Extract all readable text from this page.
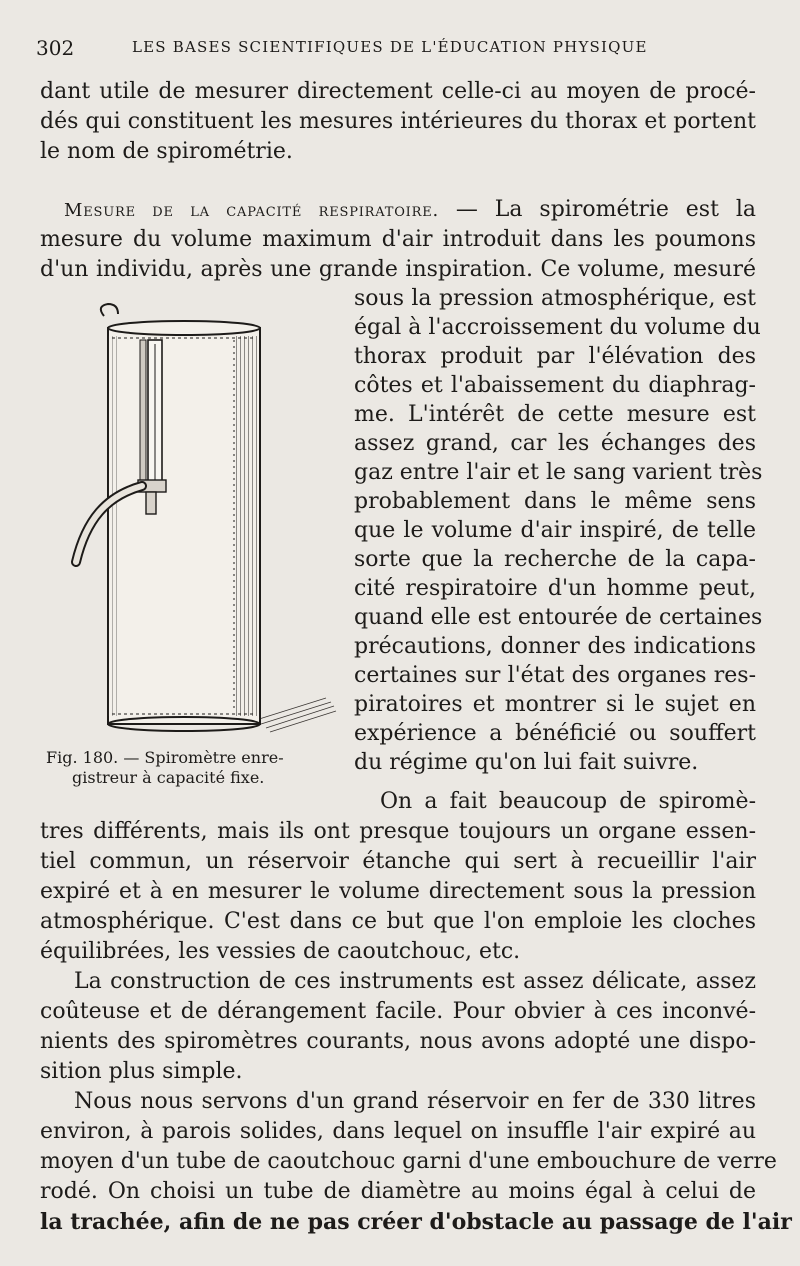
302	LES BASES SCIENTIFIQUES DE L'ÉDUCATION PHYSIQUE
dant utile de mesurer directement celle-ci au moyen de procé-
dés qui constituent les mesures intérieures du thorax et portent
le nom de spirométrie.
Mesure de la capacité respiratoire. — La spirométrie est la
mesure du volume maximum d'air introduit dans les poumons
d'un individu, après une grande inspiration. Ce volume, mesuré
sous la pression atmosphérique, est
égal à l'accroissement du volume du
thorax produit par l'élévation des
côtes et l'abaissement du diaphrag-
me. L'intérêt de cette mesure est
assez grand, car les échanges des
gaz entre l'air et le sang varient très
probablement dans le même sens
que le volume d'air inspiré, de telle
sorte que la recherche de la capa-
cité respiratoire d'un homme peut,
quand elle est entourée de certaines
précautions, donner des indications
certaines sur l'état des organes res-
piratoires et montrer si le sujet en
expérience a bénéficié ou souffert
du régime qu'on lui fait suivre.
Fig. 180. — Spiromètre enre-
gistreur à capacité fixe.
On a fait beaucoup de spiromè-
tres différents, mais ils ont presque toujours un organe essen-
tiel commun, un réservoir étanche qui sert à recueillir l'air
expiré et à en mesurer le volume directement sous la pression
atmosphérique. C'est dans ce but que l'on emploie les cloches
équilibrées, les vessies de caoutchouc, etc.
La construction de ces instruments est assez délicate, assez
coûteuse et de dérangement facile. Pour obvier à ces inconvé-
nients des spiromètres courants, nous avons adopté une dispo-
sition plus simple.
Nous nous servons d'un grand réservoir en fer de 330 litres
environ, à parois solides, dans lequel on insuffle l'air expiré au
moyen d'un tube de caoutchouc garni d'une embouchure de verre
rodé. On choisi un tube de diamètre au moins égal à celui de
la trachée, afin de ne pas créer d'obstacle au passage de l'air
